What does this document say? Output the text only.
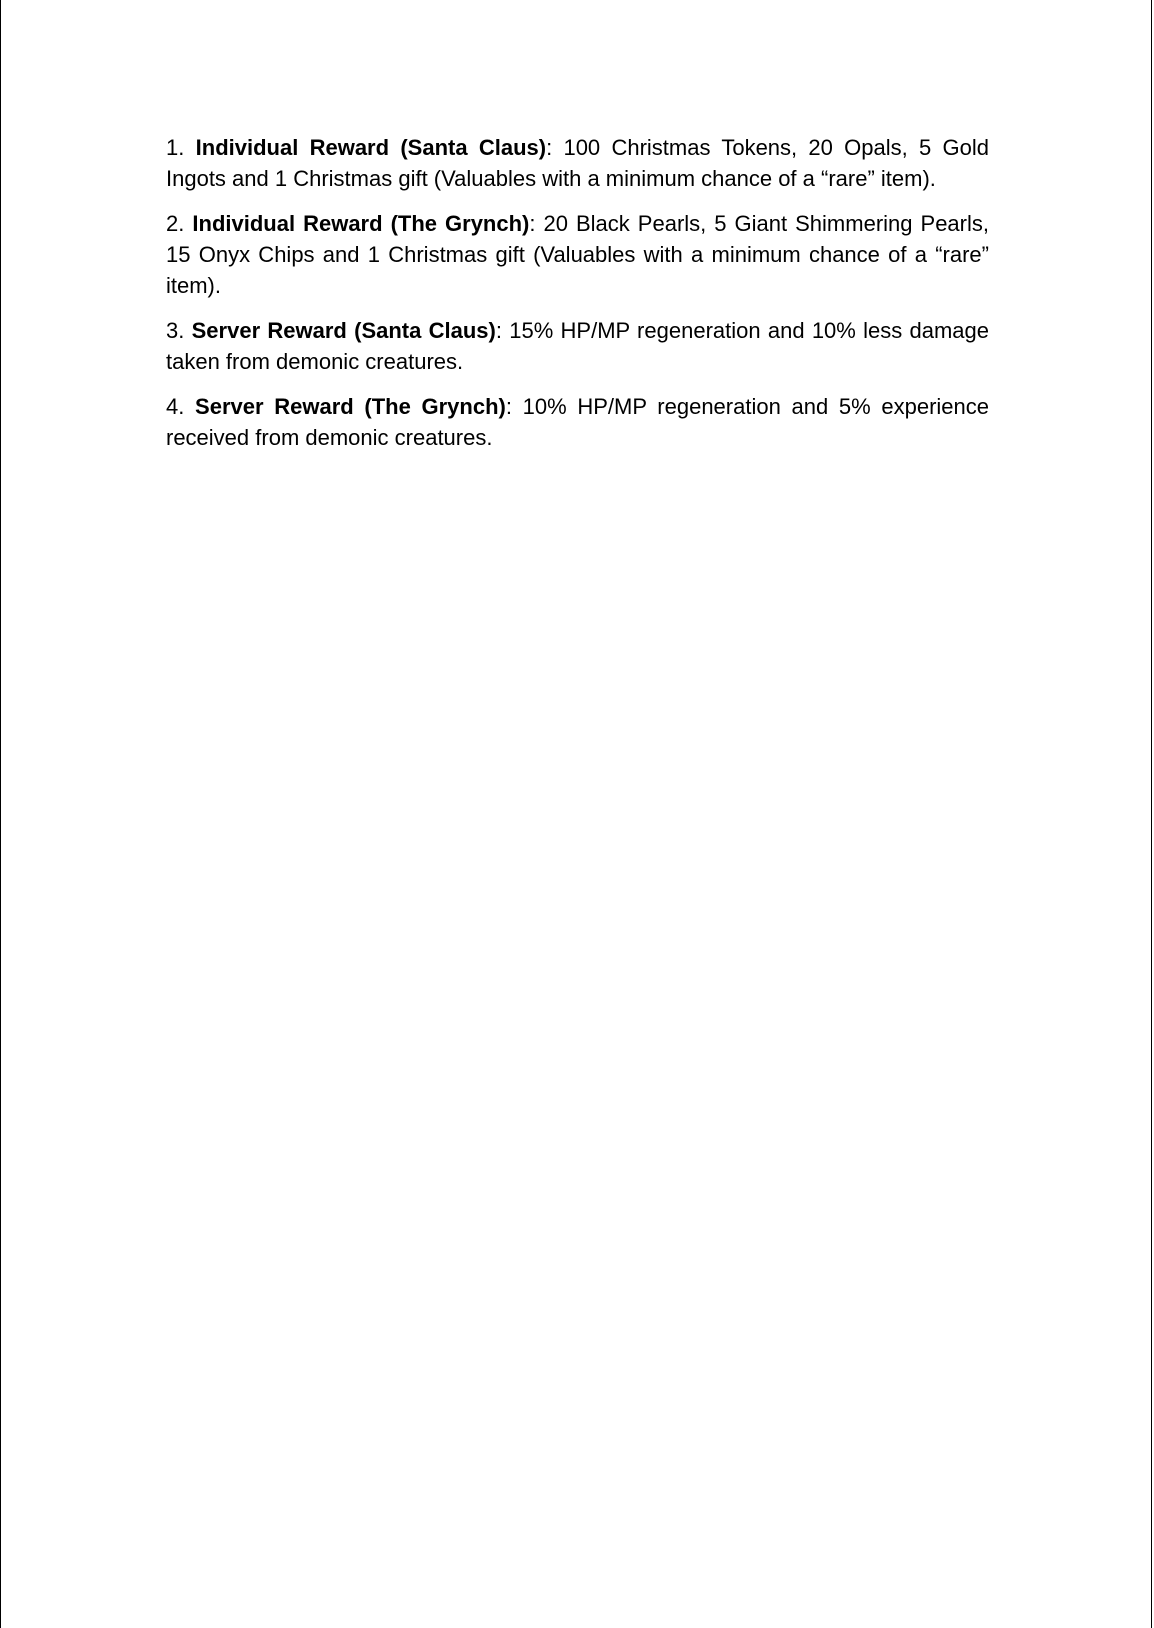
1. Individual Reward (Santa Claus): 100 Christmas Tokens, 20 Opals, 5 Gold Ingots and 1 Christmas gift (Valuables with a minimum chance of a “rare” item).

2. Individual Reward (The Grynch): 20 Black Pearls, 5 Giant Shimmering Pearls, 15 Onyx Chips and 1 Christmas gift (Valuables with a minimum chance of a “rare” item).

3. Server Reward (Santa Claus): 15% HP/MP regeneration and 10% less damage taken from demonic creatures.

4. Server Reward (The Grynch): 10% HP/MP regeneration and 5% experience received from demonic creatures.
